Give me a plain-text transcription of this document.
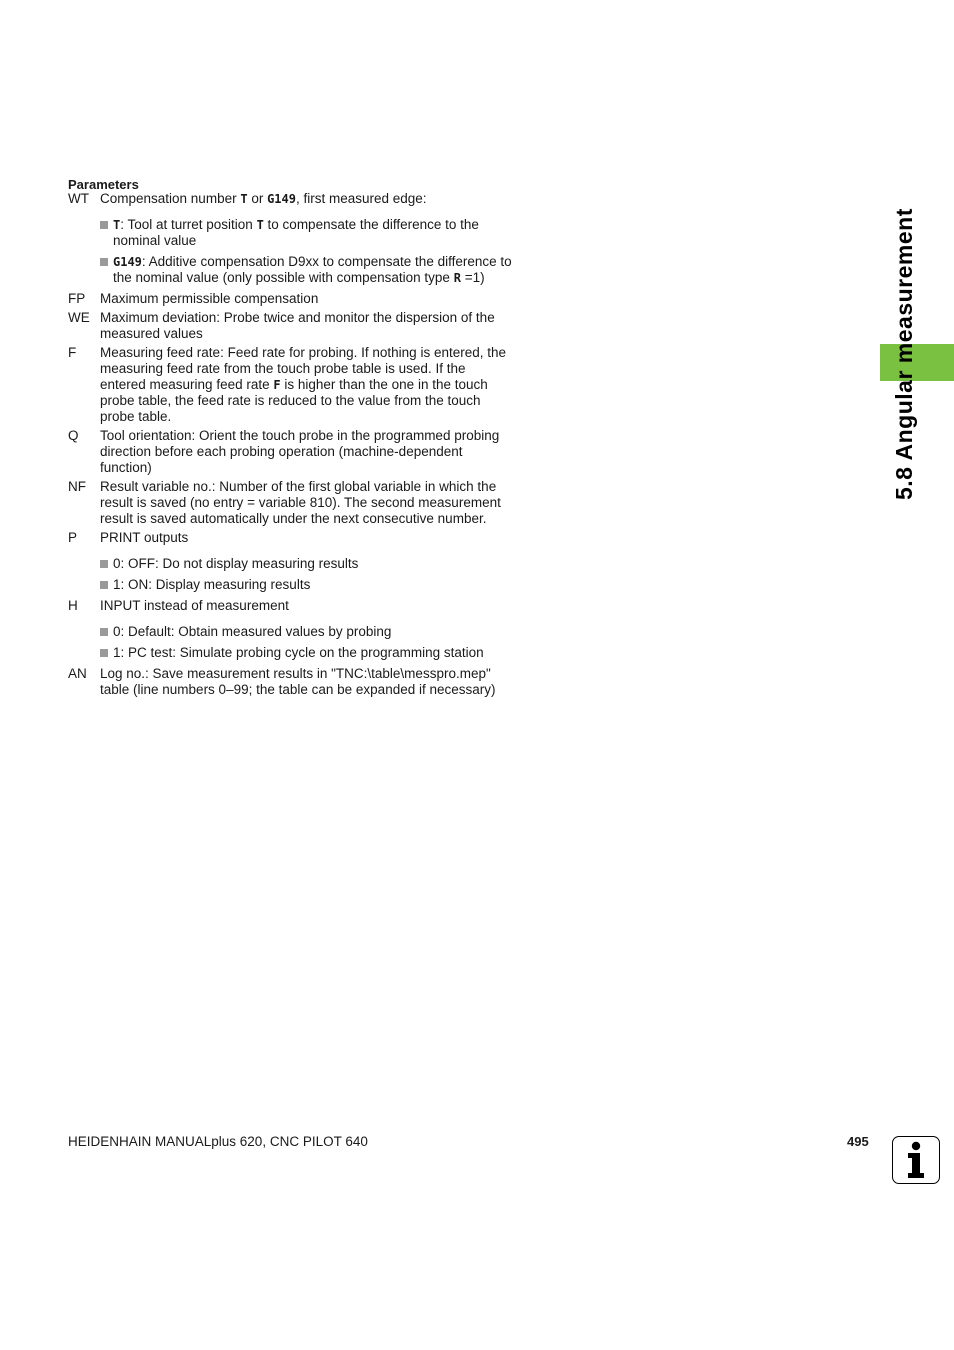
5.8 Angular measurement
Parameters
WT Compensation number T or G149, first measured edge:
T: Tool at turret position T to compensate the difference to the nominal value
G149: Additive compensation D9xx to compensate the difference to the nominal value (only possible with compensation type R =1)
FP	Maximum permissible compensation
WE Maximum deviation: Probe twice and monitor the dispersion of the measured values
F	Measuring feed rate: Feed rate for probing. If nothing is entered, the measuring feed rate from the touch probe table is used. If the entered measuring feed rate F is higher than the one in the touch probe table, the feed rate is reduced to the value from the touch probe table.
Q	Tool orientation: Orient the touch probe in the programmed probing direction before each probing operation (machine-dependent function)
NF	Result variable no.: Number of the first global variable in which the result is saved (no entry = variable 810). The second measurement result is saved automatically under the next consecutive number.
P	PRINT outputs
0: OFF: Do not display measuring results
1: ON: Display measuring results
H	INPUT instead of measurement
0: Default: Obtain measured values by probing
1: PC test: Simulate probing cycle on the programming station
AN Log no.: Save measurement results in "TNC:\table\messpro.mep" table (line numbers 0–99; the table can be expanded if necessary)
HEIDENHAIN MANUALplus 620, CNC PILOT 640	495
